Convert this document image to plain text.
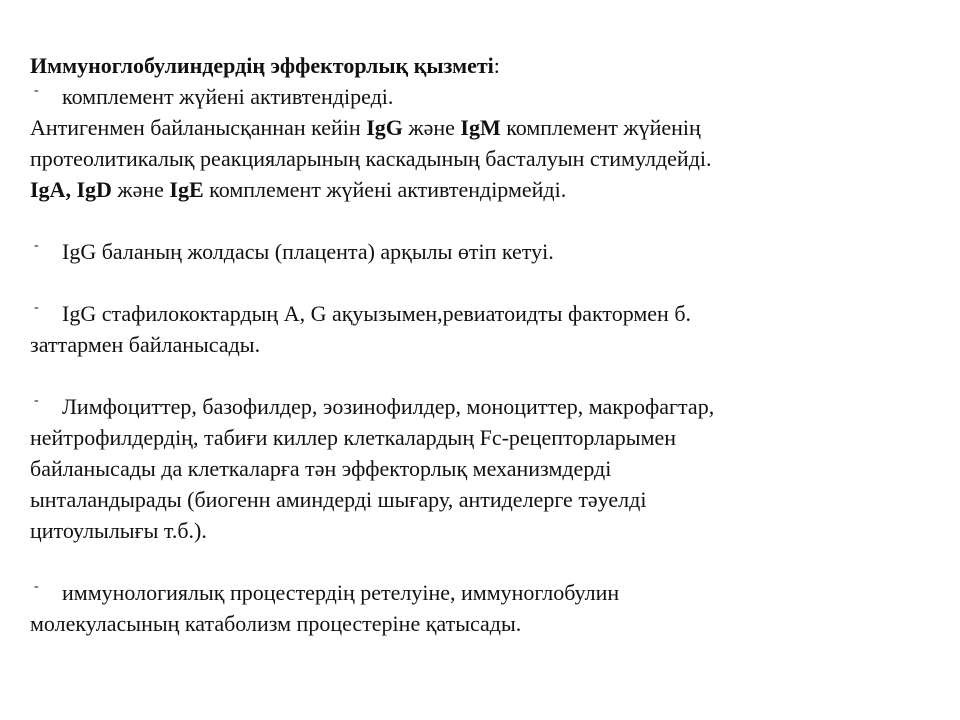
Иммуноглобулиндердің эффекторлық қызметі:
- комплемент жүйені активтендіреді.
Антигенмен байланысқаннан кейін IgG және IgM комплемент жүйенің
протеолитикалық реакцияларының каскадының басталуын стимулдейді.
IgA, IgD және IgE комплемент жүйені активтендірмейді.
- IgG баланың жолдасы (плацента) арқылы өтіп кетуі.
- IgG стафилококтардың А, G ақуызымен,ревиатоидты фактормен б.
заттармен байланысады.
- Лимфоциттер, базофилдер, эозинофилдер, моноциттер, макрофагтар,
нейтрофилдердің, табиғи киллер клеткалардың Fc-рецепторларымен
байланысады да клеткаларға тән эффекторлық механизмдерді
ынталандырады (биогенн аминдерді шығару, антиделерге тәуелді
цитоулылығы т.б.).
- иммунологиялық процестердің ретелуіне, иммуноглобулин
молекуласының катаболизм процестеріне қатысады.
